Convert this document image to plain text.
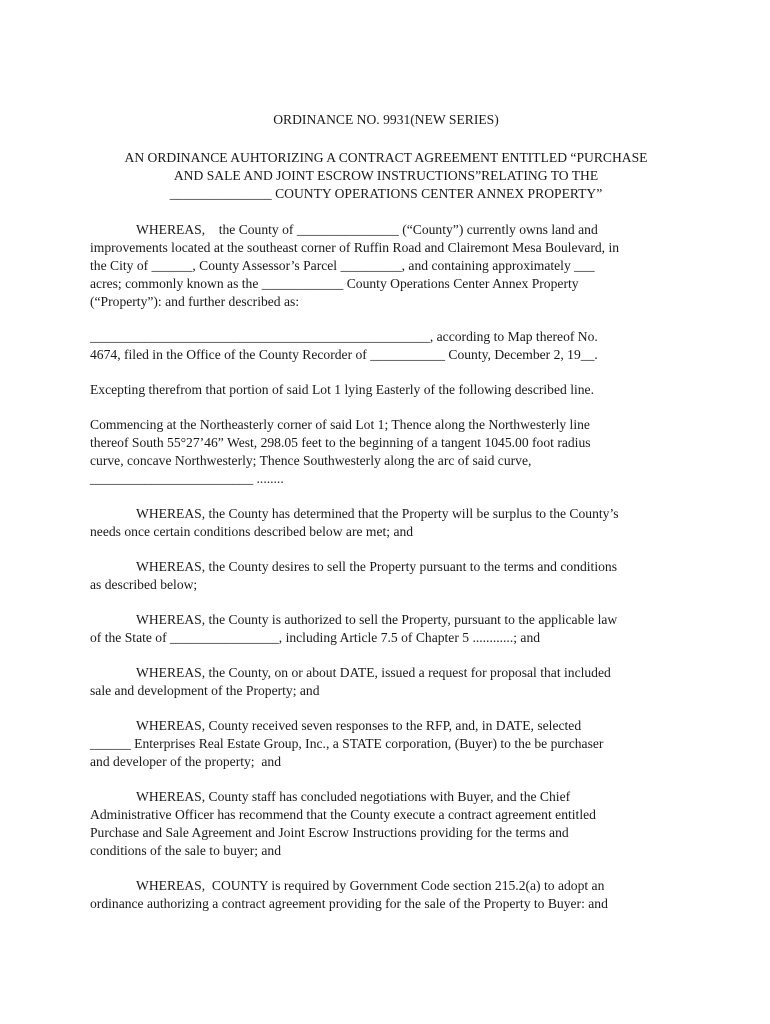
ORDINANCE NO. 9931(NEW SERIES)
AN ORDINANCE AUHTORIZING A CONTRACT AGREEMENT ENTITLED “PURCHASE
AND SALE AND JOINT ESCROW INSTRUCTIONS”RELATING TO THE
_______________ COUNTY OPERATIONS CENTER ANNEX PROPERTY”

WHEREAS,    the County of _______________ (“County”) currently owns land and
improvements located at the southeast corner of Ruffin Road and Clairemont Mesa Boulevard, in
the City of ______, County Assessor’s Parcel _________, and containing approximately ___
acres; commonly known as the ____________ County Operations Center Annex Property
(“Property”): and further described as:

__________________________________________________, according to Map thereof No.
4674, filed in the Office of the County Recorder of ___________ County, December 2, 19__.

Excepting therefrom that portion of said Lot 1 lying Easterly of the following described line.

Commencing at the Northeasterly corner of said Lot 1; Thence along the Northwesterly line
thereof South 55°27’46” West, 298.05 feet to the beginning of a tangent 1045.00 foot radius
curve, concave Northwesterly; Thence Southwesterly along the arc of said curve,
________________________ ........

WHEREAS, the County has determined that the Property will be surplus to the County’s
needs once certain conditions described below are met; and

WHEREAS, the County desires to sell the Property pursuant to the terms and conditions
as described below;

WHEREAS, the County is authorized to sell the Property, pursuant to the applicable law
of the State of ________________, including Article 7.5 of Chapter 5 ............; and

WHEREAS, the County, on or about DATE, issued a request for proposal that included
sale and development of the Property; and

WHEREAS, County received seven responses to the RFP, and, in DATE, selected
______ Enterprises Real Estate Group, Inc., a STATE corporation, (Buyer) to the be purchaser
and developer of the property;  and

WHEREAS, County staff has concluded negotiations with Buyer, and the Chief
Administrative Officer has recommend that the County execute a contract agreement entitled
Purchase and Sale Agreement and Joint Escrow Instructions providing for the terms and
conditions of the sale to buyer; and

WHEREAS,  COUNTY is required by Government Code section 215.2(a) to adopt an
ordinance authorizing a contract agreement providing for the sale of the Property to Buyer: and
